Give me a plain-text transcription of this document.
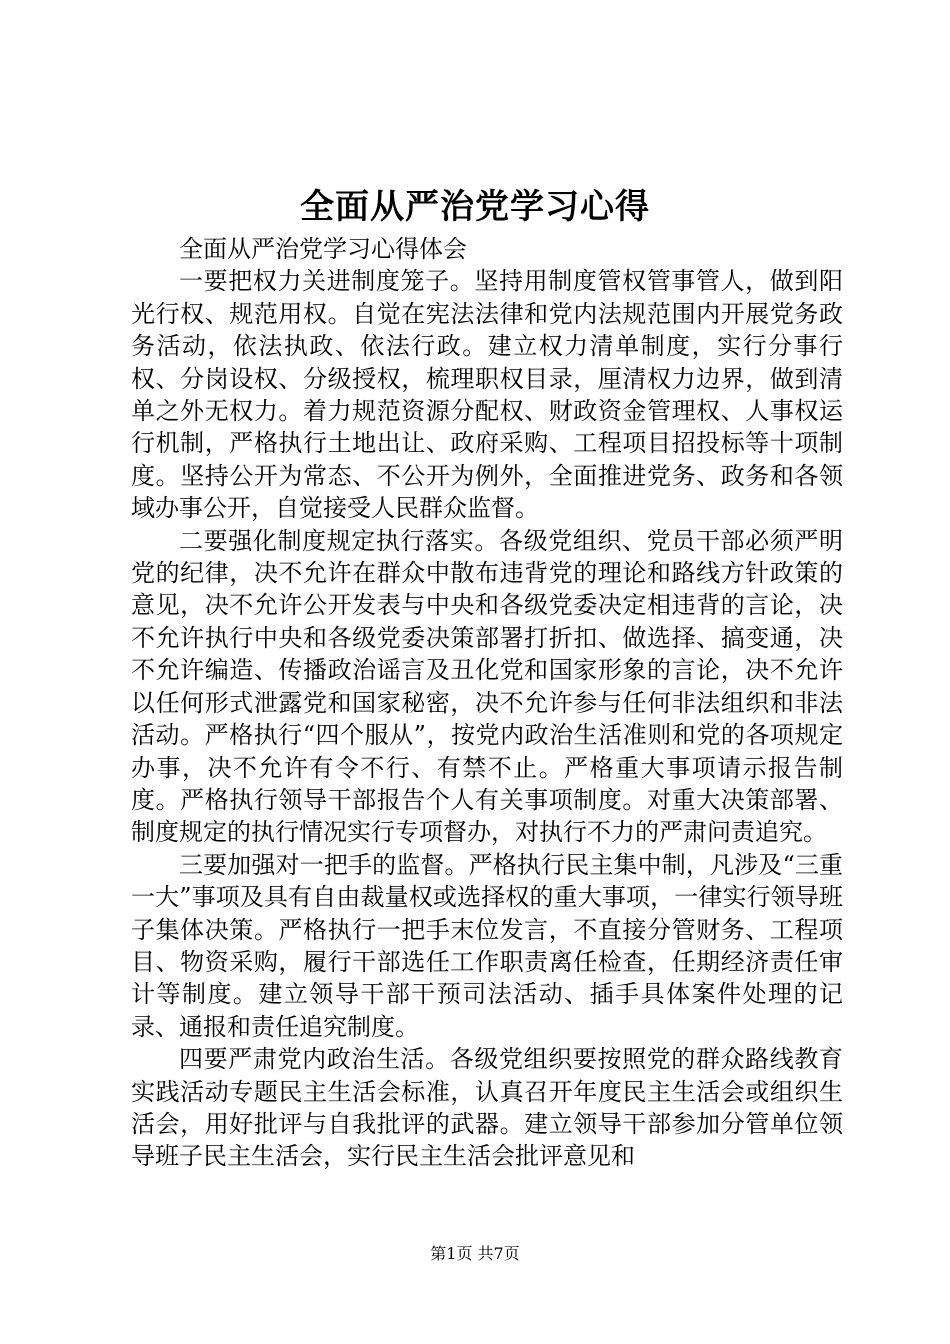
全面从严治党学习心得

全面从严治党学习心得体会

一要把权力关进制度笼子。坚持用制度管权管事管人，做到阳光行权、规范用权。自觉在宪法法律和党内法规范围内开展党务政务活动，依法执政、依法行政。建立权力清单制度，实行分事行权、分岗设权、分级授权，梳理职权目录，厘清权力边界，做到清单之外无权力。着力规范资源分配权、财政资金管理权、人事权运行机制，严格执行土地出让、政府采购、工程项目招投标等十项制度。坚持公开为常态、不公开为例外，全面推进党务、政务和各领域办事公开，自觉接受人民群众监督。

二要强化制度规定执行落实。各级党组织、党员干部必须严明党的纪律，决不允许在群众中散布违背党的理论和路线方针政策的意见，决不允许公开发表与中央和各级党委决定相违背的言论，决不允许执行中央和各级党委决策部署打折扣、做选择、搞变通，决不允许编造、传播政治谣言及丑化党和国家形象的言论，决不允许以任何形式泄露党和国家秘密，决不允许参与任何非法组织和非法活动。严格执行“四个服从”，按党内政治生活准则和党的各项规定办事，决不允许有令不行、有禁不止。严格重大事项请示报告制度。严格执行领导干部报告个人有关事项制度。对重大决策部署、制度规定的执行情况实行专项督办，对执行不力的严肃问责追究。

三要加强对一把手的监督。严格执行民主集中制，凡涉及“三重一大”事项及具有自由裁量权或选择权的重大事项，一律实行领导班子集体决策。严格执行一把手末位发言，不直接分管财务、工程项目、物资采购，履行干部选任工作职责离任检查，任期经济责任审计等制度。建立领导干部干预司法活动、插手具体案件处理的记录、通报和责任追究制度。

四要严肃党内政治生活。各级党组织要按照党的群众路线教育实践活动专题民主生活会标准，认真召开年度民主生活会或组织生活会，用好批评与自我批评的武器。建立领导干部参加分管单位领导班子民主生活会，实行民主生活会批评意见和

第1页 共7页
